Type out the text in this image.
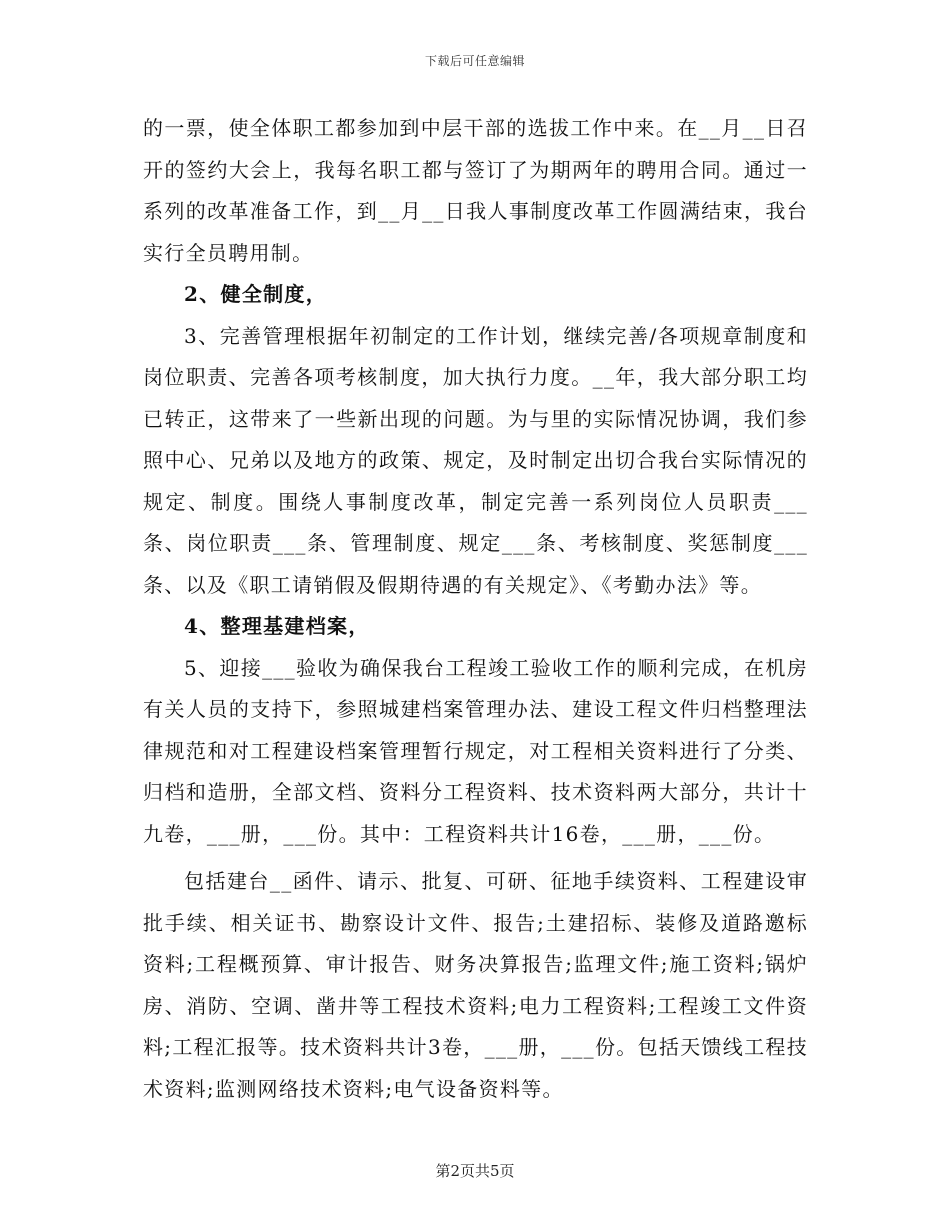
下载后可任意编辑

的一票，使全体职工都参加到中层干部的选拔工作中来。在__月__日召开的签约大会上，我每名职工都与签订了为期两年的聘用合同。通过一系列的改革准备工作，到__月__日我人事制度改革工作圆满结束，我台实行全员聘用制。

2、健全制度，

3、完善管理根据年初制定的工作计划，继续完善/各项规章制度和岗位职责、完善各项考核制度，加大执行力度。__年，我大部分职工均已转正，这带来了一些新出现的问题。为与里的实际情况协调，我们参照中心、兄弟以及地方的政策、规定，及时制定出切合我台实际情况的规定、制度。围绕人事制度改革，制定完善一系列岗位人员职责___条、岗位职责___条、管理制度、规定___条、考核制度、奖惩制度___条、以及《职工请销假及假期待遇的有关规定》、《考勤办法》等。

4、整理基建档案，

5、迎接___验收为确保我台工程竣工验收工作的顺利完成，在机房有关人员的支持下，参照城建档案管理办法、建设工程文件归档整理法律规范和对工程建设档案管理暂行规定，对工程相关资料进行了分类、归档和造册，全部文档、资料分工程资料、技术资料两大部分，共计十九卷，___册，___份。其中：工程资料共计16卷，___册，___份。

包括建台__函件、请示、批复、可研、征地手续资料、工程建设审批手续、相关证书、勘察设计文件、报告;土建招标、装修及道路邀标资料;工程概预算、审计报告、财务决算报告;监理文件;施工资料;锅炉房、消防、空调、凿井等工程技术资料;电力工程资料;工程竣工文件资料;工程汇报等。技术资料共计3卷，___册，___份。包括天馈线工程技术资料;监测网络技术资料;电气设备资料等。

第2页共5页
